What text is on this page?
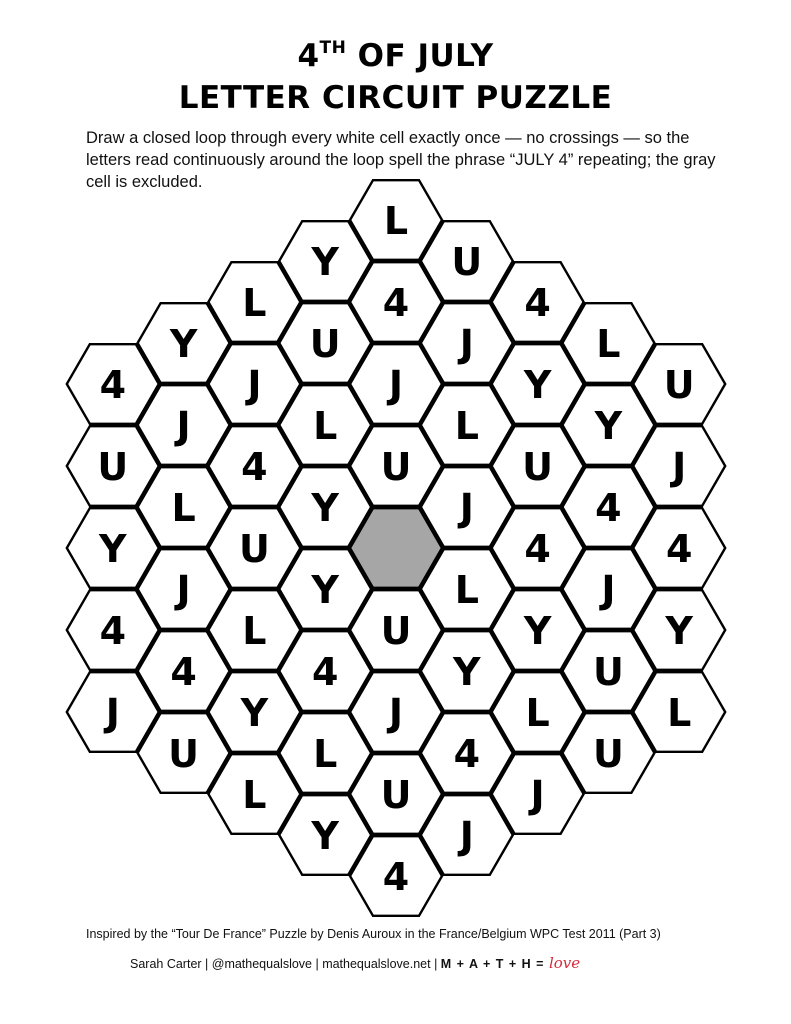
4TH OF JULY
LETTER CIRCUIT PUZZLE
Draw a closed loop through every white cell exactly once — no crossings — so the letters read continuously around the loop spell the phrase “JULY 4” repeating; the gray cell is excluded.
4
U
Y
4
J
Y
J
L
J
4
U
L
J
4
U
L
Y
L
Y
U
L
Y
Y
4
L
Y
L
4
J
U
U
J
U
4
U
J
L
J
L
Y
4
J
4
Y
U
4
Y
L
J
L
Y
4
J
U
U
U
J
4
Y
L
Inspired by the “Tour De France” Puzzle by Denis Auroux in the France/Belgium WPC Test 2011 (Part 3)
Sarah Carter | @mathequalslove | mathequalslove.net | M + A + T + H = love
